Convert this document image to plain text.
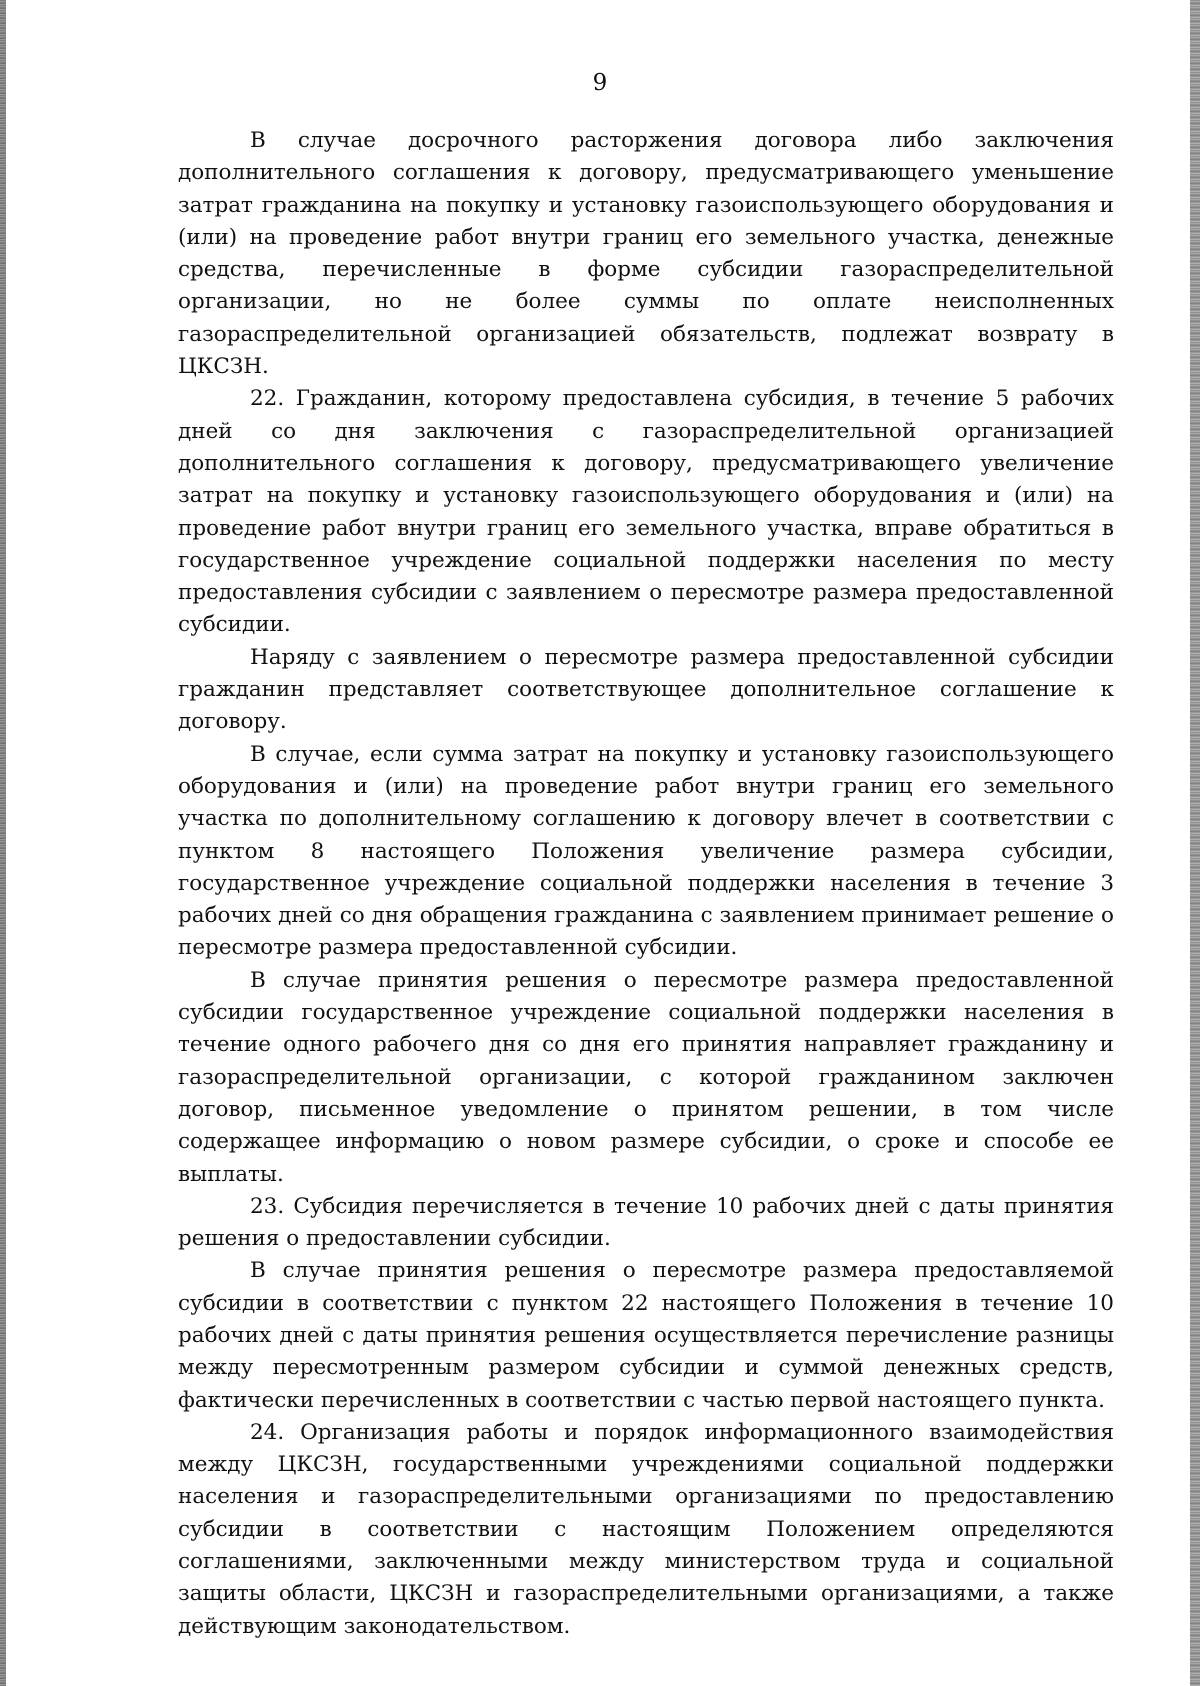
9

В случае досрочного расторжения договора либо заключения дополнительного соглашения к договору, предусматривающего уменьшение затрат гражданина на покупку и установку газоиспользующего оборудования и (или) на проведение работ внутри границ его земельного участка, денежные средства, перечисленные в форме субсидии газораспределительной организации, но не более суммы по оплате неисполненных газораспределительной организацией обязательств, подлежат возврату в ЦКСЗН.

22. Гражданин, которому предоставлена субсидия, в течение 5 рабочих дней со дня заключения с газораспределительной организацией дополнительного соглашения к договору, предусматривающего увеличение затрат на покупку и установку газоиспользующего оборудования и (или) на проведение работ внутри границ его земельного участка, вправе обратиться в государственное учреждение социальной поддержки населения по месту предоставления субсидии с заявлением о пересмотре размера предоставленной субсидии.

Наряду с заявлением о пересмотре размера предоставленной субсидии гражданин представляет соответствующее дополнительное соглашение к договору.

В случае, если сумма затрат на покупку и установку газоиспользующего оборудования и (или) на проведение работ внутри границ его земельного участка по дополнительному соглашению к договору влечет в соответствии с пунктом 8 настоящего Положения увеличение размера субсидии, государственное учреждение социальной поддержки населения в течение 3 рабочих дней со дня обращения гражданина с заявлением принимает решение о пересмотре размера предоставленной субсидии.

В случае принятия решения о пересмотре размера предоставленной субсидии государственное учреждение социальной поддержки населения в течение одного рабочего дня со дня его принятия направляет гражданину и газораспределительной организации, с которой гражданином заключен договор, письменное уведомление о принятом решении, в том числе содержащее информацию о новом размере субсидии, о сроке и способе ее выплаты.

23. Субсидия перечисляется в течение 10 рабочих дней с даты принятия решения о предоставлении субсидии.

В случае принятия решения о пересмотре размера предоставляемой субсидии в соответствии с пунктом 22 настоящего Положения в течение 10 рабочих дней с даты принятия решения осуществляется перечисление разницы между пересмотренным размером субсидии и суммой денежных средств, фактически перечисленных в соответствии с частью первой настоящего пункта.

24. Организация работы и порядок информационного взаимодействия между ЦКСЗН, государственными учреждениями социальной поддержки населения и газораспределительными организациями по предоставлению субсидии в соответствии с настоящим Положением определяются соглашениями, заключенными между министерством труда и социальной защиты области, ЦКСЗН и газораспределительными организациями, а также действующим законодательством.
